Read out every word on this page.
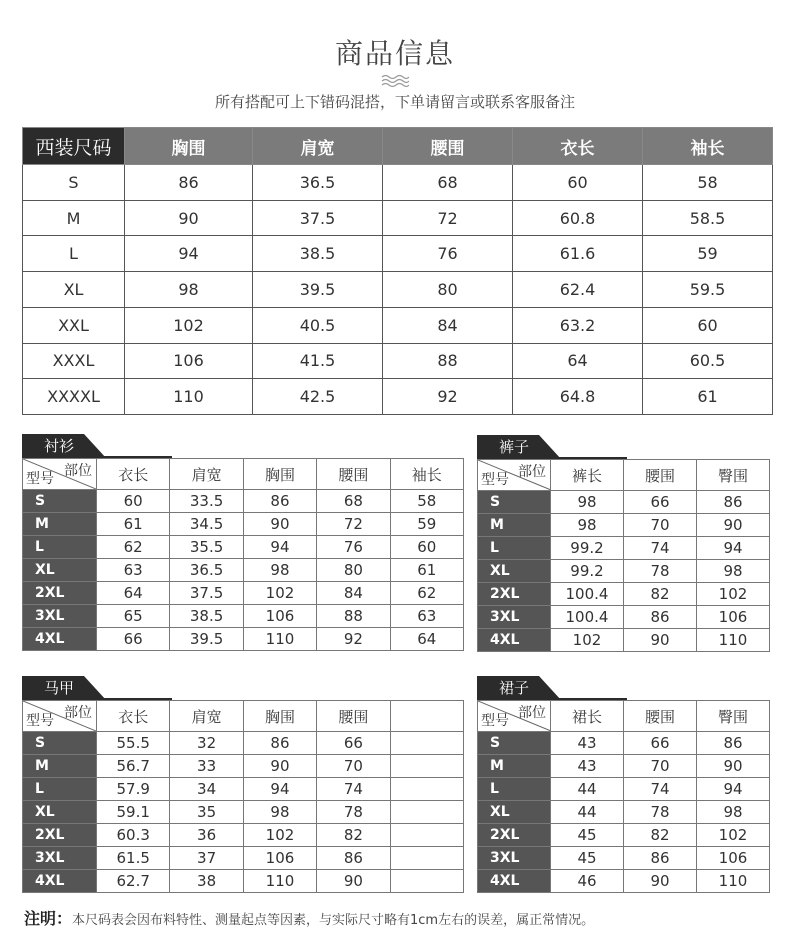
商品信息
所有搭配可上下错码混搭，下单请留言或联系客服备注
西装尺码	胸围	肩宽	腰围	衣长	袖长
S	86	36.5	68	60	58
M	90	37.5	72	60.8	58.5
L	94	38.5	76	61.6	59
XL	98	39.5	80	62.4	59.5
XXL	102	40.5	84	63.2	60
XXXL	106	41.5	88	64	60.5
XXXXL	110	42.5	92	64.8	61
衬衫
部位
型号	衣长	肩宽	胸围	腰围	袖长
S	60	33.5	86	68	58
M	61	34.5	90	72	59
L	62	35.5	94	76	60
XL	63	36.5	98	80	61
2XL	64	37.5	102	84	62
3XL	65	38.5	106	88	63
4XL	66	39.5	110	92	64
裤子
部位
型号	裤长	腰围	臀围
S	98	66	86
M	98	70	90
L	99.2	74	94
XL	99.2	78	98
2XL	100.4	82	102
3XL	100.4	86	106
4XL	102	90	110
马甲
部位
型号	衣长	肩宽	胸围	腰围	
S	55.5	32	86	66	
M	56.7	33	90	70	
L	57.9	34	94	74	
XL	59.1	35	98	78	
2XL	60.3	36	102	82	
3XL	61.5	37	106	86	
4XL	62.7	38	110	90	
裙子
部位
型号	裙长	腰围	臀围
S	43	66	86
M	43	70	90
L	44	74	94
XL	44	78	98
2XL	45	82	102
3XL	45	86	106
4XL	46	90	110
注明：本尺码表会因布料特性、测量起点等因素，与实际尺寸略有1cm左右的误差，属正常情况。
